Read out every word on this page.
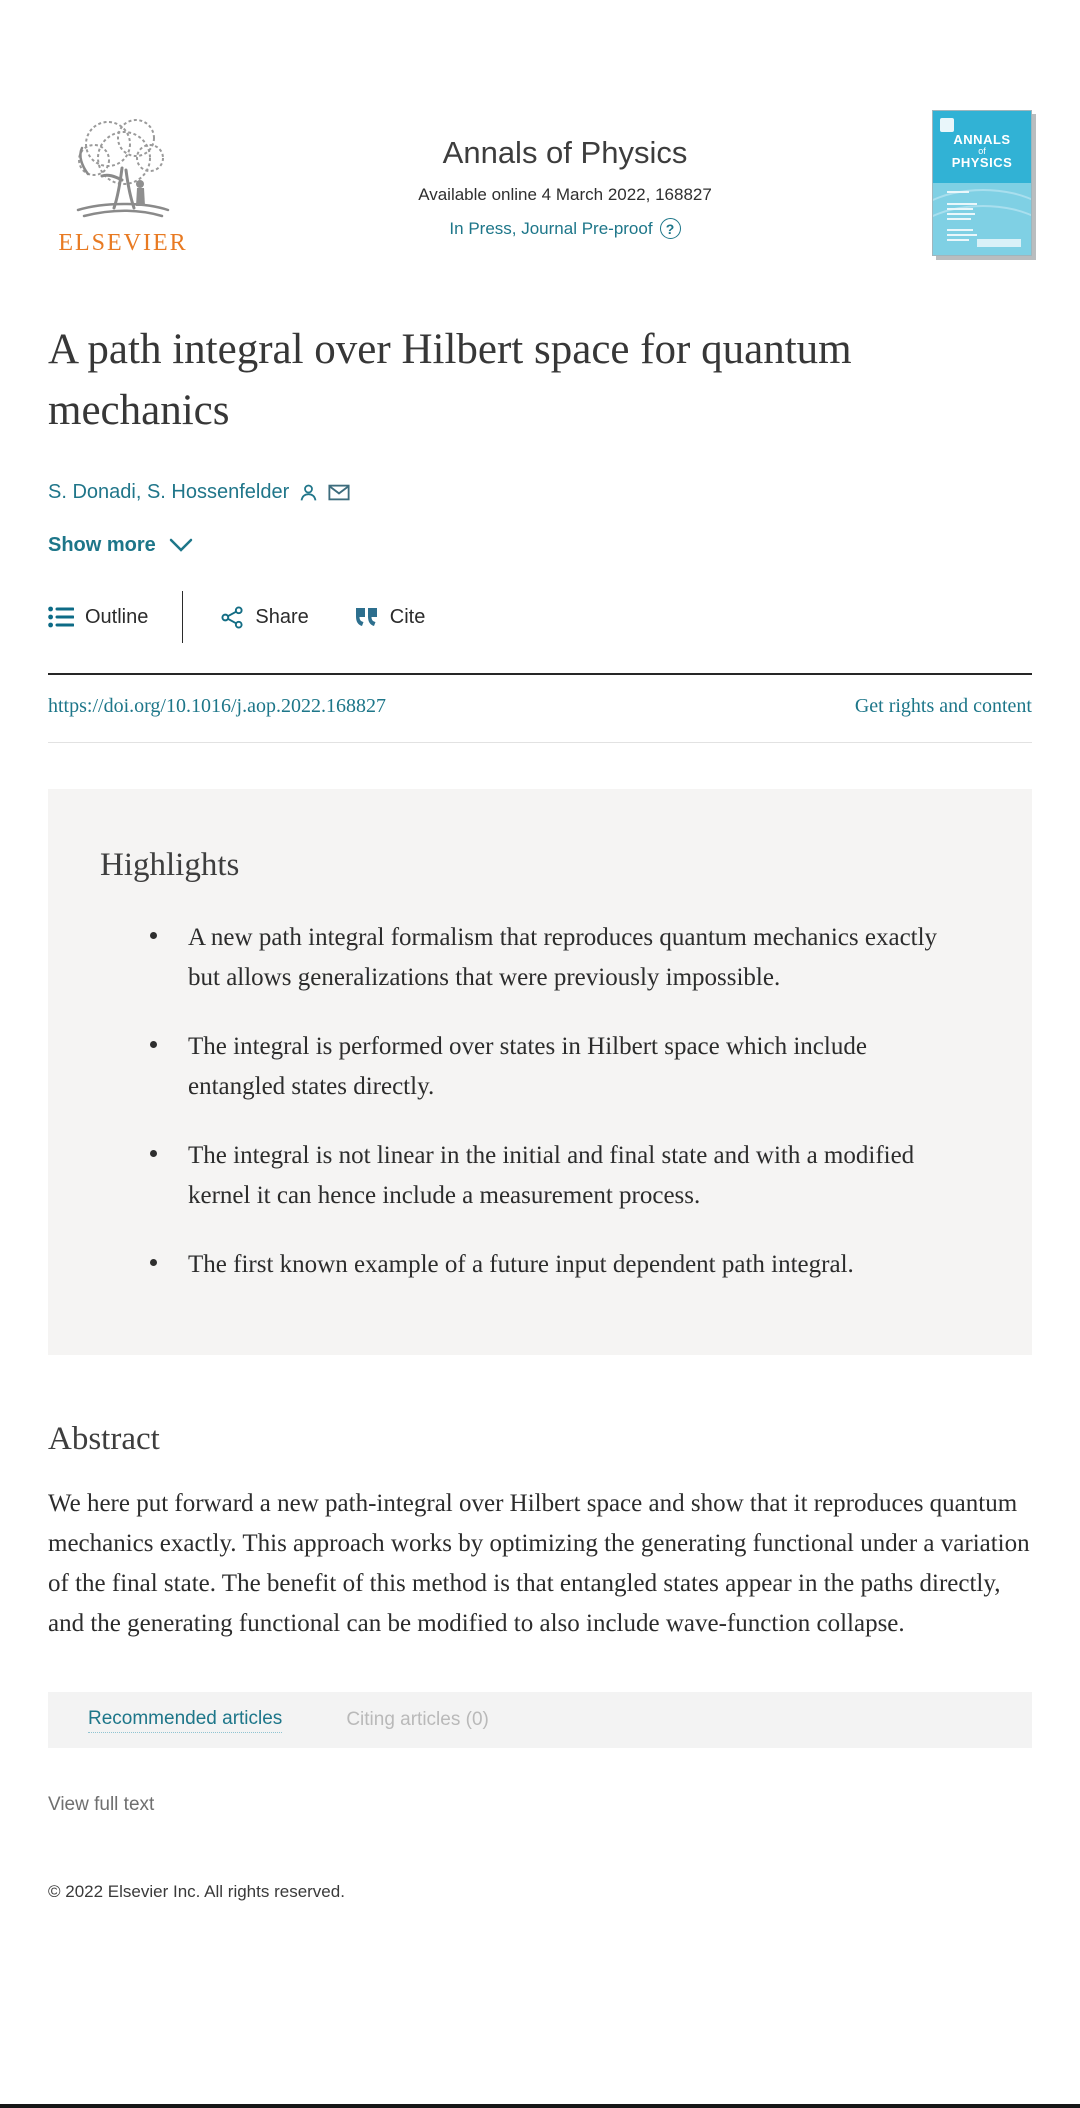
ELSEVIER
Annals of Physics
Available online 4 March 2022, 168827
In Press, Journal Pre-proof ?
ANNALS
of
PHYSICS
A path integral over Hilbert space for quantum mechanics
S. Donadi, S. Hossenfelder
Show more
Outline	Share	Cite
https://doi.org/10.1016/j.aop.2022.168827	Get rights and content
Highlights
A new path integral formalism that reproduces quantum mechanics exactly but allows generalizations that were previously impossible.
The integral is performed over states in Hilbert space which include entangled states directly.
The integral is not linear in the initial and final state and with a modified kernel it can hence include a measurement process.
The first known example of a future input dependent path integral.
Abstract

We here put forward a new path-integral over Hilbert space and show that it reproduces quantum mechanics exactly. This approach works by optimizing the generating functional under a variation of the final state. The benefit of this method is that entangled states appear in the paths directly, and the generating functional can be modified to also include wave-function collapse.

Recommended articles	Citing articles (0)
View full text
© 2022 Elsevier Inc. All rights reserved.
